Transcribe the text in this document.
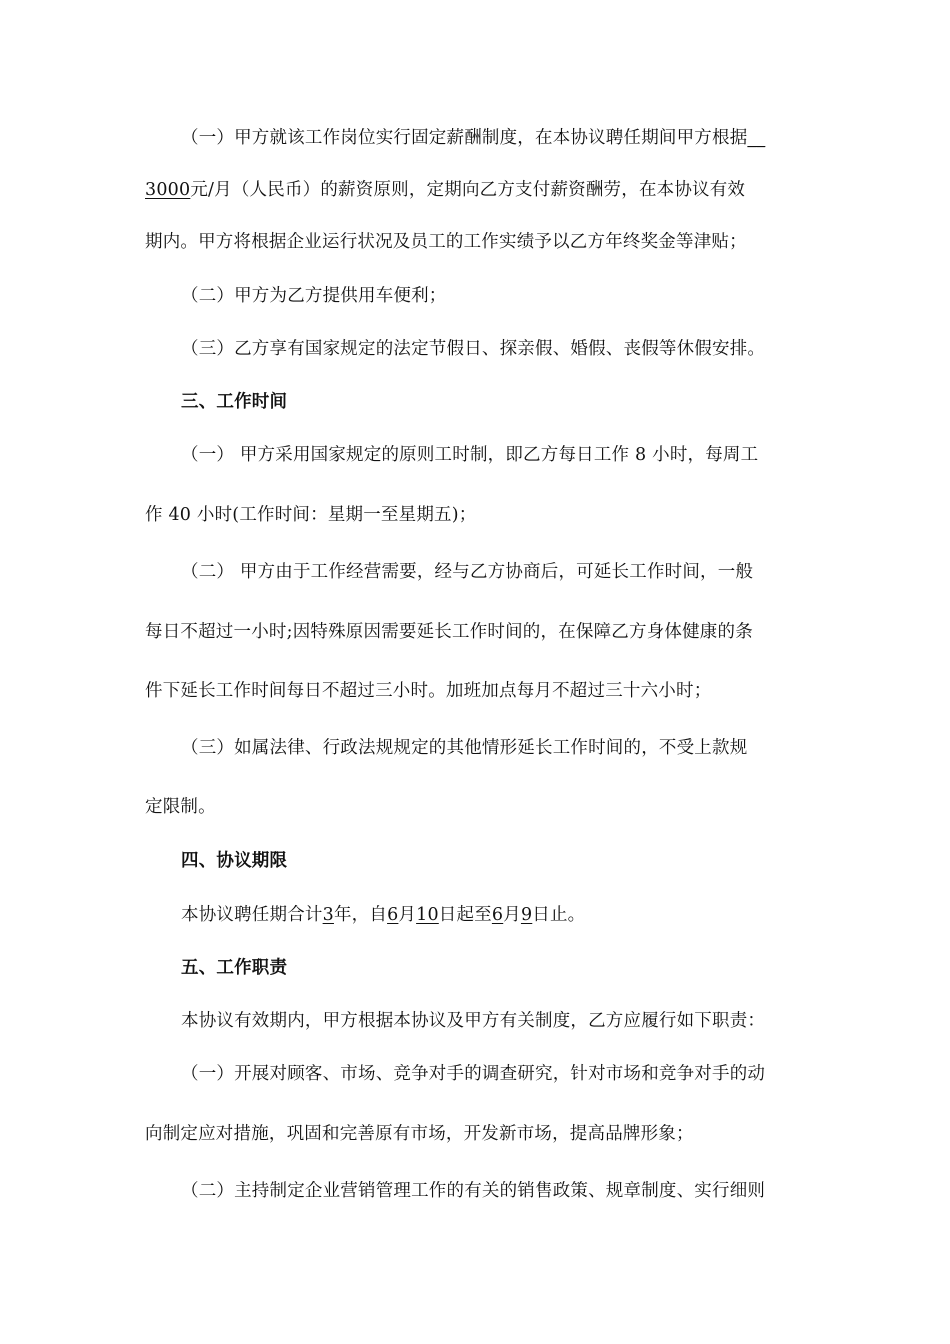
（一）甲方就该工作岗位实行固定薪酬制度，在本协议聘任期间甲方根据__
3000元/月（人民币）的薪资原则，定期向乙方支付薪资酬劳，在本协议有效
期内。甲方将根据企业运行状况及员工的工作实绩予以乙方年终奖金等津贴；
（二）甲方为乙方提供用车便利；
（三）乙方享有国家规定的法定节假日、探亲假、婚假、丧假等休假安排。
三、工作时间
（一） 甲方采用国家规定的原则工时制，即乙方每日工作 8 小时，每周工
作 40 小时(工作时间：星期一至星期五)；
（二） 甲方由于工作经营需要，经与乙方协商后，可延长工作时间，一般
每日不超过一小时;因特殊原因需要延长工作时间的，在保障乙方身体健康的条
件下延长工作时间每日不超过三小时。加班加点每月不超过三十六小时；
（三）如属法律、行政法规规定的其他情形延长工作时间的，不受上款规
定限制。
四、协议期限
本协议聘任期合计3年，自6月10日起至6月9日止。
五、工作职责
本协议有效期内，甲方根据本协议及甲方有关制度，乙方应履行如下职责：
（一）开展对顾客、市场、竞争对手的调查研究，针对市场和竞争对手的动
向制定应对措施，巩固和完善原有市场，开发新市场，提高品牌形象；
（二）主持制定企业营销管理工作的有关的销售政策、规章制度、实行细则
